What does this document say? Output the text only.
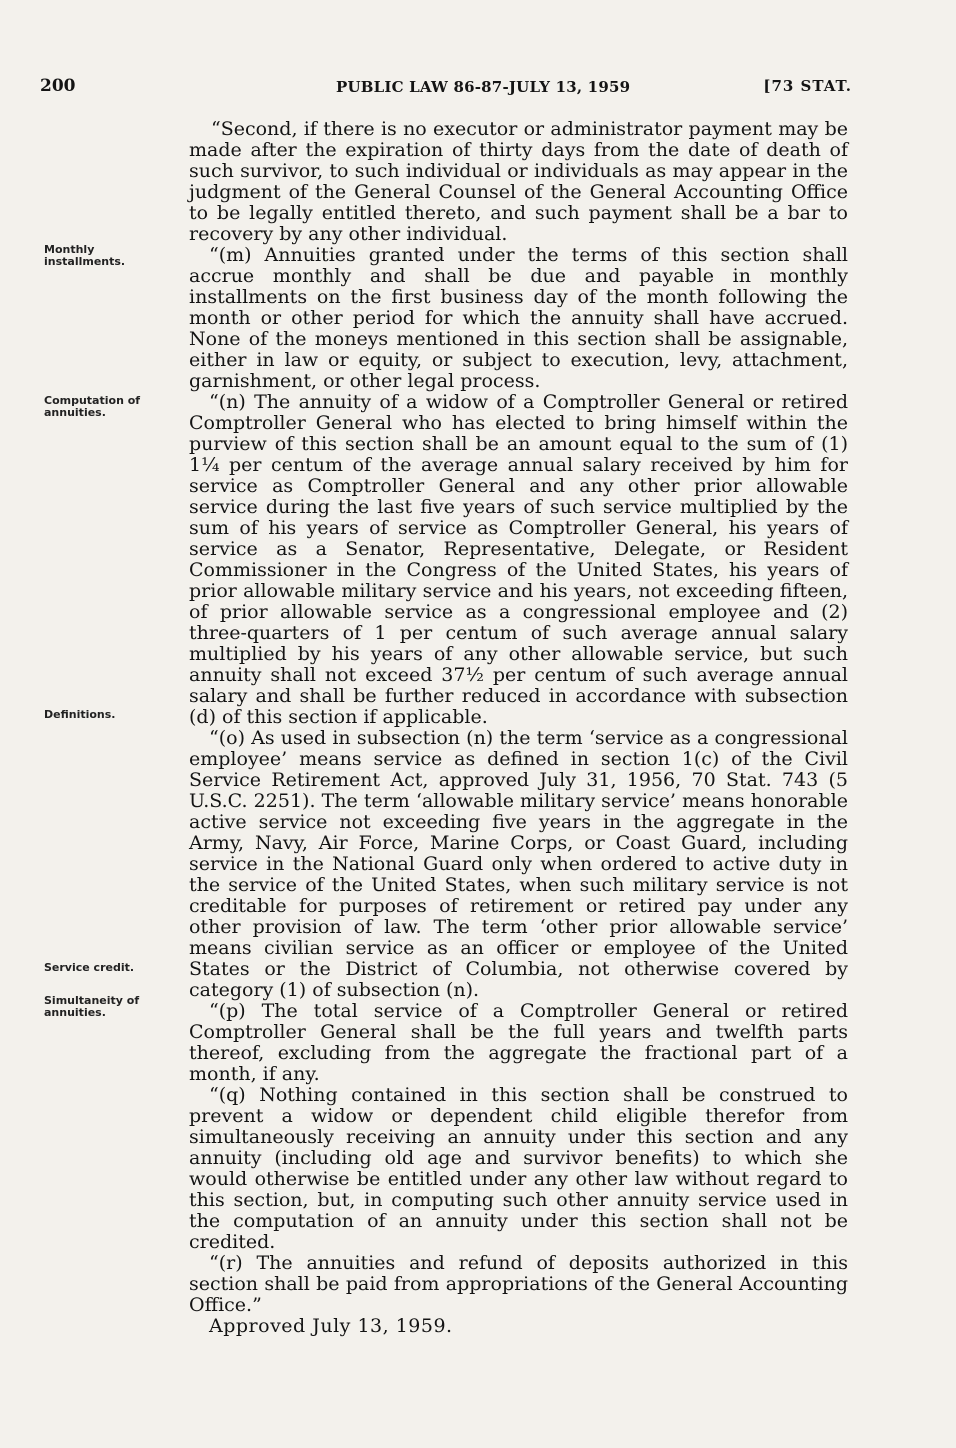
200	PUBLIC LAW 86-87-JULY 13, 1959	[73 STAT.
Monthly installments.
Computation of annuities.
Definitions.
Service credit.
Simultaneity of annuities.

“Second, if there is no executor or administrator payment may be made after the expiration of thirty days from the date of death of such survivor, to such individual or individuals as may appear in the judgment of the General Counsel of the General Accounting Office to be legally entitled thereto, and such payment shall be a bar to recovery by any other individual.

“(m) Annuities granted under the terms of this section shall accrue monthly and shall be due and payable in monthly installments on the first business day of the month following the month or other period for which the annuity shall have accrued. None of the moneys mentioned in this section shall be assignable, either in law or equity, or subject to execution, levy, attachment, garnishment, or other legal process.

“(n) The annuity of a widow of a Comptroller General or retired Comptroller General who has elected to bring himself within the purview of this section shall be an amount equal to the sum of (1) 1¼ per centum of the average annual salary received by him for service as Comptroller General and any other prior allowable service during the last five years of such service multiplied by the sum of his years of service as Comptroller General, his years of service as a Senator, Representative, Delegate, or Resident Commissioner in the Congress of the United States, his years of prior allowable military service and his years, not exceeding fifteen, of prior allowable service as a congressional employee and (2) three-quarters of 1 per centum of such average annual salary multiplied by his years of any other allowable service, but such annuity shall not exceed 37½ per centum of such average annual salary and shall be further reduced in accordance with subsection (d) of this section if applicable.

“(o) As used in subsection (n) the term ‘service as a congressional employee’ means service as defined in section 1(c) of the Civil Service Retirement Act, approved July 31, 1956, 70 Stat. 743 (5 U.S.C. 2251). The term ‘allowable military service’ means honorable active service not exceeding five years in the aggregate in the Army, Navy, Air Force, Marine Corps, or Coast Guard, including service in the National Guard only when ordered to active duty in the service of the United States, when such military service is not creditable for purposes of retirement or retired pay under any other provision of law. The term ‘other prior allowable service’ means civilian service as an officer or employee of the United States or the District of Columbia, not otherwise covered by category (1) of subsection (n).

“(p) The total service of a Comptroller General or retired Comptroller General shall be the full years and twelfth parts thereof, excluding from the aggregate the fractional part of a month, if any.

“(q) Nothing contained in this section shall be construed to prevent a widow or dependent child eligible therefor from simultaneously receiving an annuity under this section and any annuity (including old age and survivor benefits) to which she would otherwise be entitled under any other law without regard to this section, but, in computing such other annuity service used in the computation of an annuity under this section shall not be credited.

“(r) The annuities and refund of deposits authorized in this section shall be paid from appropriations of the General Accounting Office.”

Approved July 13, 1959.
